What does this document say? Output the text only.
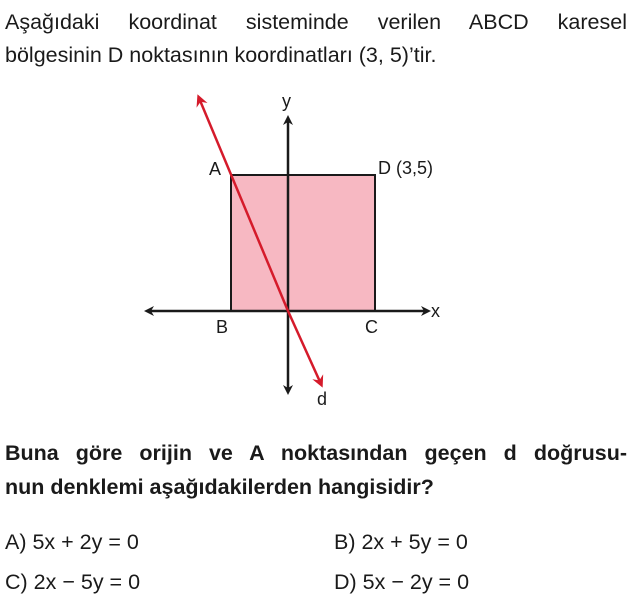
Aşağıdaki koordinat sisteminde verilen ABCD karesel
bölgesinin D noktasının koordinatları (3, 5)’tir.
y
x
A	D (3,5)
B	C
d
Buna göre orijin ve A noktasından geçen d doğrusu-
nun denklemi aşağıdakilerden hangisidir?
A) 5x + 2y = 0	B) 2x + 5y = 0
C) 2x − 5y = 0	D) 5x − 2y = 0
